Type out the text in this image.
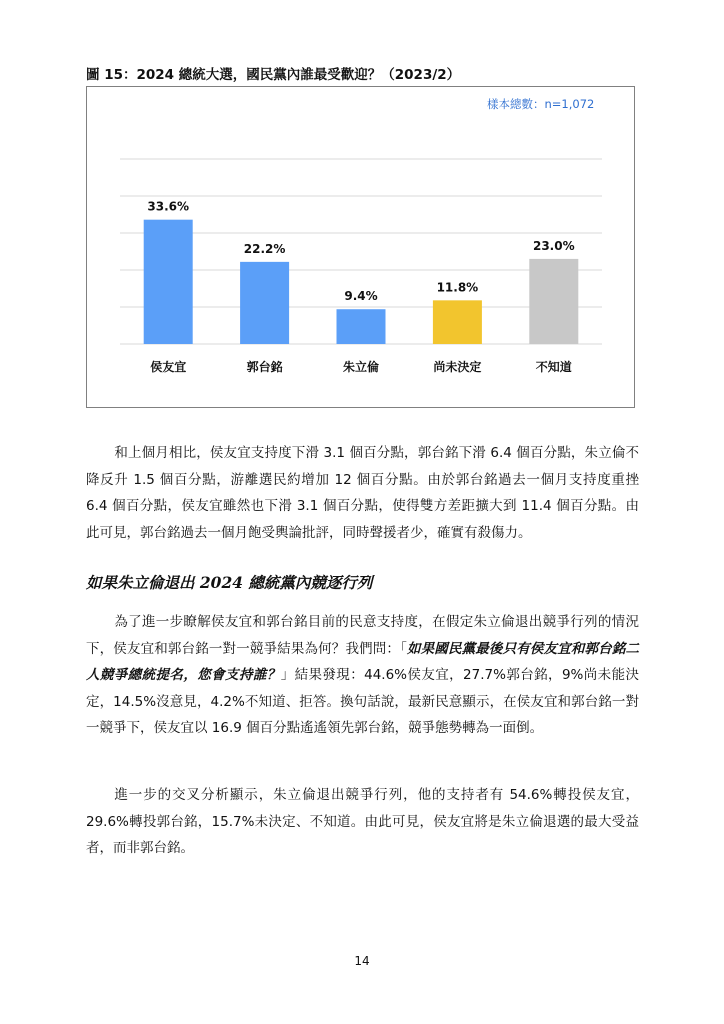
圖 15：2024 總統大選，國民黨內誰最受歡迎？（2023/2）
33.6%
侯友宜
22.2%
郭台銘
9.4%
朱立倫
11.8%
尚未決定
23.0%
不知道
樣本總數：n=1,072

和上個月相比，侯友宜支持度下滑 3.1 個百分點，郭台銘下滑 6.4 個百分點，朱立倫不降反升 1.5 個百分點，游離選民約增加 12 個百分點。由於郭台銘過去一個月支持度重挫 6.4 個百分點，侯友宜雖然也下滑 3.1 個百分點，使得雙方差距擴大到 11.4 個百分點。由此可見，郭台銘過去一個月飽受輿論批評，同時聲援者少，確實有殺傷力。

如果朱立倫退出 2024 總統黨內競逐行列

為了進一步瞭解侯友宜和郭台銘目前的民意支持度，在假定朱立倫退出競爭行列的情況下，侯友宜和郭台銘一對一競爭結果為何？我們問：「如果國民黨最後只有侯友宜和郭台銘二人競爭總統提名，您會支持誰？」結果發現：44.6%侯友宜，27.7%郭台銘，9%尚未能決定，14.5%沒意見，4.2%不知道、拒答。換句話說，最新民意顯示，在侯友宜和郭台銘一對一競爭下，侯友宜以 16.9 個百分點遙遙領先郭台銘，競爭態勢轉為一面倒。

進一步的交叉分析顯示，朱立倫退出競爭行列，他的支持者有 54.6%轉投侯友宜，29.6%轉投郭台銘，15.7%未決定、不知道。由此可見，侯友宜將是朱立倫退選的最大受益者，而非郭台銘。

14
